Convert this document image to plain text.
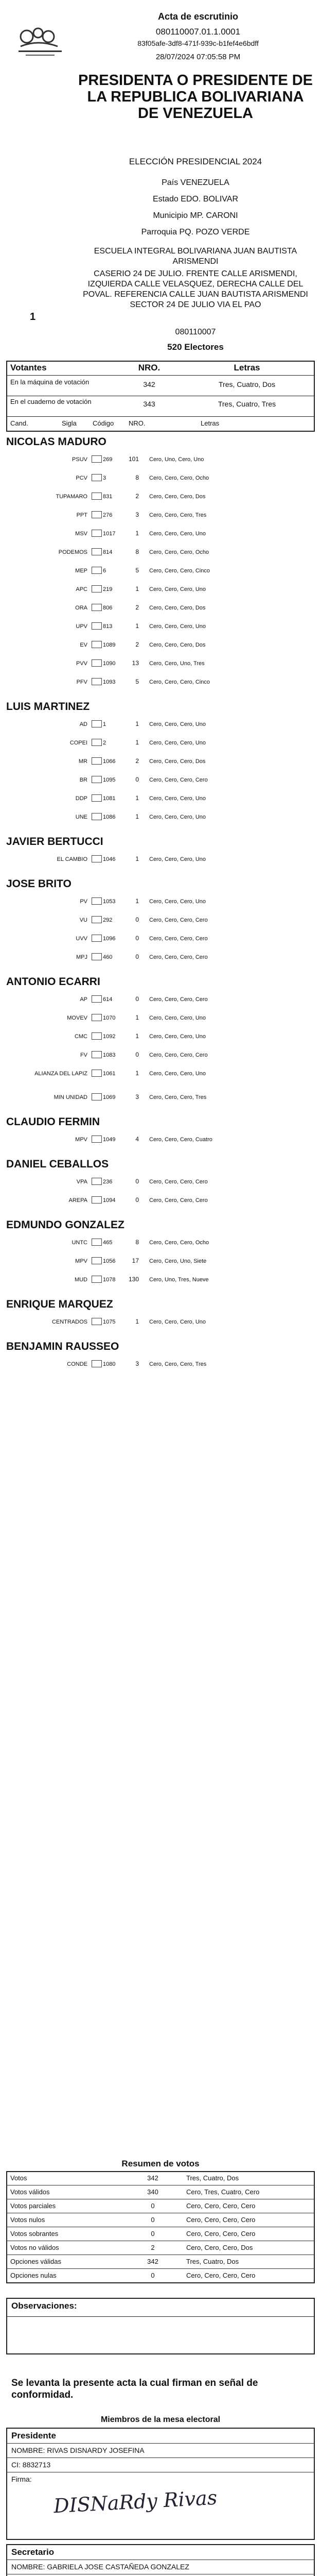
Acta de escrutinio
080110007.01.1.0001
83f05afe-3df8-471f-939c-b1fef4e6bdff
28/07/2024 07:05:58 PM
PRESIDENTA O PRESIDENTE DE LA REPUBLICA BOLIVARIANA DE VENEZUELA
ELECCIÓN PRESIDENCIAL 2024
País VENEZUELA
Estado EDO. BOLIVAR
Municipio MP. CARONI
Parroquia PQ. POZO VERDE
ESCUELA INTEGRAL BOLIVARIANA JUAN BAUTISTA ARISMENDI
CASERIO 24 DE JULIO. FRENTE CALLE ARISMENDI, IZQUIERDA CALLE VELASQUEZ, DERECHA CALLE DEL POVAL. REFERENCIA CALLE JUAN BAUTISTA ARISMENDI SECTOR 24 DE JULIO VIA EL PAO
080110007
520 Electores
1
Votantes	NRO.	Letras
En la máquina de votación	342	Tres, Cuatro, Dos
En el cuaderno de votación	343	Tres, Cuatro, Tres
Cand.	Sigla Código NRO.	Letras
NICOLAS MADURO
PSUV	269	101 Cero, Uno, Cero, Uno
PCV	3	8 Cero, Cero, Cero, Ocho
TUPAMARO	831	2 Cero, Cero, Cero, Dos
PPT	276	3 Cero, Cero, Cero, Tres
MSV	1017	1 Cero, Cero, Cero, Uno
PODEMOS	814	8 Cero, Cero, Cero, Ocho
MEP	6	5 Cero, Cero, Cero, Cinco
APC	219	1 Cero, Cero, Cero, Uno
ORA	806	2 Cero, Cero, Cero, Dos
UPV	813	1 Cero, Cero, Cero, Uno
EV	1089	2 Cero, Cero, Cero, Dos
PVV	1090	13 Cero, Cero, Uno, Tres
PFV	1093	5 Cero, Cero, Cero, Cinco
LUIS MARTINEZ
AD	1	1 Cero, Cero, Cero, Uno
COPEI	2	1 Cero, Cero, Cero, Uno
MR	1066	2 Cero, Cero, Cero, Dos
BR	1095	0 Cero, Cero, Cero, Cero
DDP	1081	1 Cero, Cero, Cero, Uno
UNE	1086	1 Cero, Cero, Cero, Uno
JAVIER BERTUCCI
EL CAMBIO	1046	1 Cero, Cero, Cero, Uno
JOSE BRITO
PV	1053	1 Cero, Cero, Cero, Uno
VU	292	0 Cero, Cero, Cero, Cero
UVV	1096	0 Cero, Cero, Cero, Cero
MPJ	460	0 Cero, Cero, Cero, Cero
ANTONIO ECARRI
AP	614	0 Cero, Cero, Cero, Cero
MOVEV	1070	1 Cero, Cero, Cero, Uno
CMC	1092	1 Cero, Cero, Cero, Uno
FV	1083	0 Cero, Cero, Cero, Cero
ALIANZA DEL LAPIZ	1061	1 Cero, Cero, Cero, Uno
MIN UNIDAD	1069	3 Cero, Cero, Cero, Tres
CLAUDIO FERMIN
MPV	1049	4 Cero, Cero, Cero, Cuatro
DANIEL CEBALLOS
VPA	236	0 Cero, Cero, Cero, Cero
AREPA	1094	0 Cero, Cero, Cero, Cero
EDMUNDO GONZALEZ
UNTC	465	8 Cero, Cero, Cero, Ocho
MPV	1056	17 Cero, Cero, Uno, Siete
MUD	1078	130 Cero, Uno, Tres, Nueve
ENRIQUE MARQUEZ
CENTRADOS	1075	1 Cero, Cero, Cero, Uno
BENJAMIN RAUSSEO
CONDE	1080	3 Cero, Cero, Cero, Tres
Resumen de votos
Votos	342	Tres, Cuatro, Dos
Votos válidos	340	Cero, Tres, Cuatro, Cero
Votos parciales	0	Cero, Cero, Cero, Cero
Votos nulos	0	Cero, Cero, Cero, Cero
Votos sobrantes	0	Cero, Cero, Cero, Cero
Votos no válidos	2	Cero, Cero, Cero, Dos
Opciones válidas	342	Tres, Cuatro, Dos
Opciones nulas	0	Cero, Cero, Cero, Cero
Observaciones:
Se levanta la presente acta la cual firman en señal de conformidad.
Miembros de la mesa electoral
Presidente
NOMBRE: RIVAS DISNARDY JOSEFINA
CI: 8832713
Firma:
DISNaRdy Rivas
Secretario
NOMBRE: GABRIELA JOSE CASTAÑEDA GONZALEZ
